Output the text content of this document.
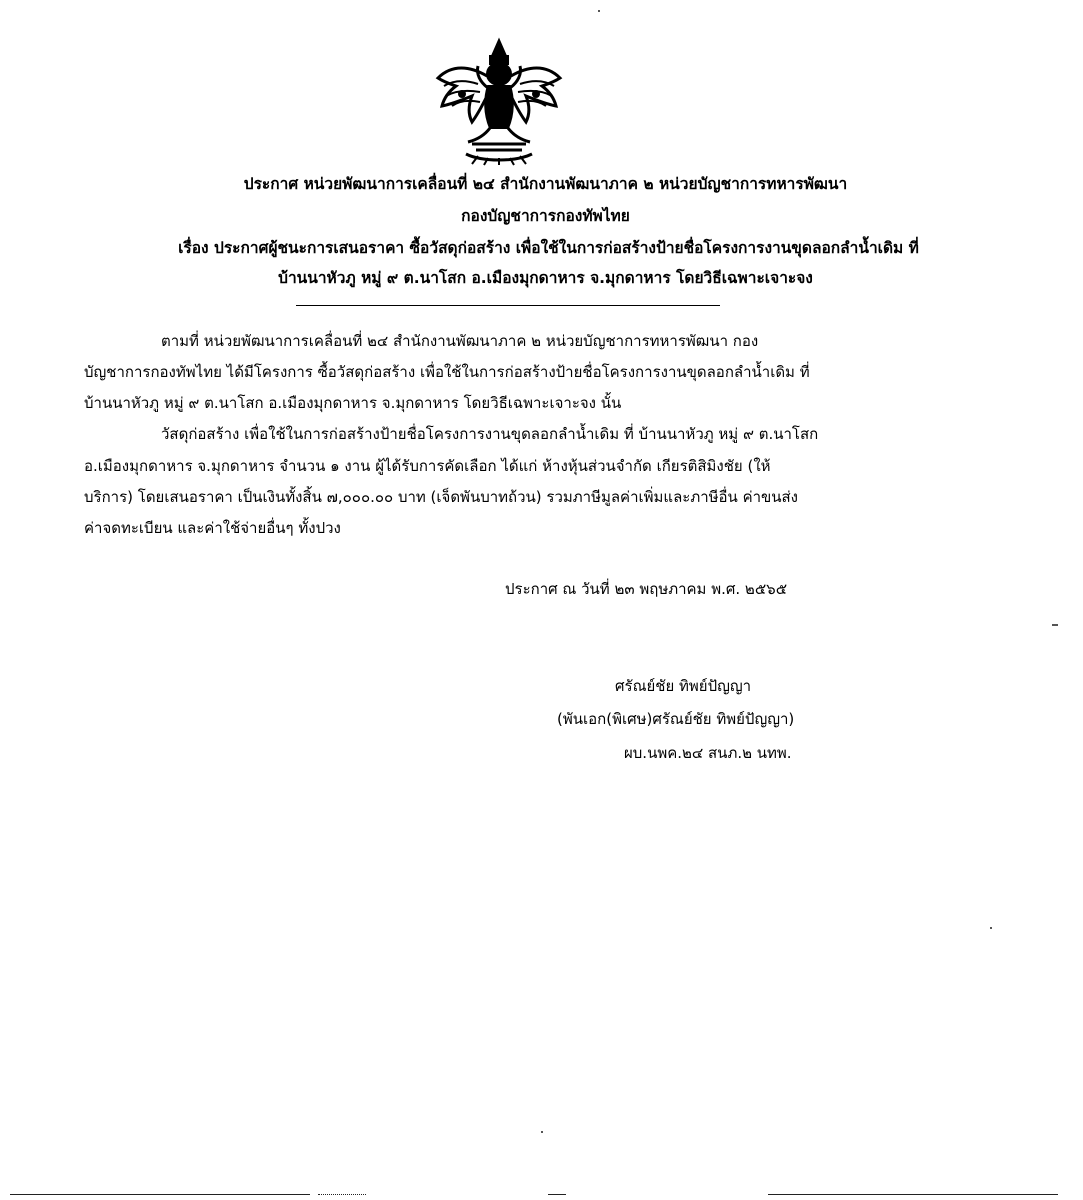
ประกาศ หน่วยพัฒนาการเคลื่อนที่ ๒๔ สำนักงานพัฒนาภาค ๒ หน่วยบัญชาการทหารพัฒนา
กองบัญชาการกองทัพไทย
เรื่อง ประกาศผู้ชนะการเสนอราคา ซื้อวัสดุก่อสร้าง เพื่อใช้ในการก่อสร้างป้ายชื่อโครงการงานขุดลอกลำน้ำเดิม ที่
บ้านนาหัวภู หมู่ ๙ ต.นาโสก อ.เมืองมุกดาหาร จ.มุกดาหาร โดยวิธีเฉพาะเจาะจง
ตามที่ หน่วยพัฒนาการเคลื่อนที่ ๒๔ สำนักงานพัฒนาภาค ๒ หน่วยบัญชาการทหารพัฒนา กอง
บัญชาการกองทัพไทย ได้มีโครงการ ซื้อวัสดุก่อสร้าง เพื่อใช้ในการก่อสร้างป้ายชื่อโครงการงานขุดลอกลำน้ำเดิม ที่
บ้านนาหัวภู หมู่ ๙ ต.นาโสก อ.เมืองมุกดาหาร จ.มุกดาหาร โดยวิธีเฉพาะเจาะจง นั้น
วัสดุก่อสร้าง เพื่อใช้ในการก่อสร้างป้ายชื่อโครงการงานขุดลอกลำน้ำเดิม ที่ บ้านนาหัวภู หมู่ ๙ ต.นาโสก
อ.เมืองมุกดาหาร จ.มุกดาหาร จำนวน ๑ งาน ผู้ได้รับการคัดเลือก ได้แก่ ห้างหุ้นส่วนจำกัด เกียรติสิมิงชัย (ให้
บริการ) โดยเสนอราคา เป็นเงินทั้งสิ้น ๗,๐๐๐.๐๐ บาท (เจ็ดพันบาทถ้วน) รวมภาษีมูลค่าเพิ่มและภาษีอื่น ค่าขนส่ง
ค่าจดทะเบียน และค่าใช้จ่ายอื่นๆ ทั้งปวง
ประกาศ ณ วันที่ ๒๓ พฤษภาคม พ.ศ. ๒๕๖๕
ศรัณย์ชัย ทิพย์ปัญญา
(พันเอก(พิเศษ)ศรัณย์ชัย ทิพย์ปัญญา)
ผบ.นพค.๒๔ สนภ.๒ นทพ.
